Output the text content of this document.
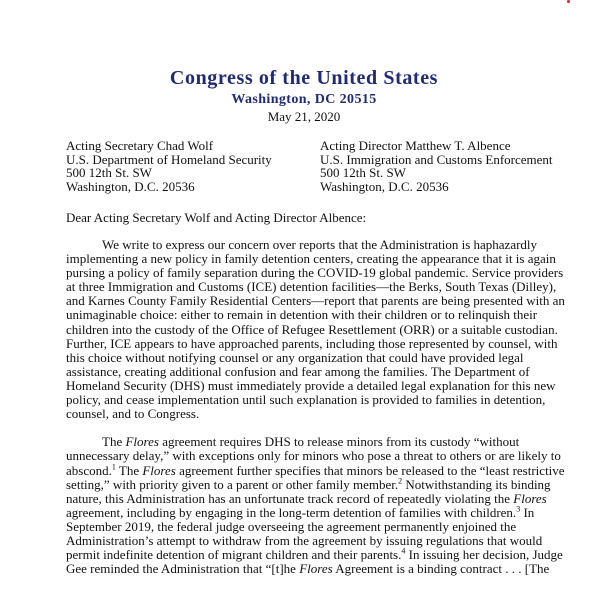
Congress of the United States
Washington, DC 20515
May 21, 2020
Acting Secretary Chad Wolf
U.S. Department of Homeland Security
500 12th St. SW
Washington, D.C. 20536
Acting Director Matthew T. Albence
U.S. Immigration and Customs Enforcement
500 12th St. SW
Washington, D.C. 20536
Dear Acting Secretary Wolf and Acting Director Albence:
We write to express our concern over reports that the Administration is haphazardly
implementing a new policy in family detention centers, creating the appearance that it is again
pursing a policy of family separation during the COVID-19 global pandemic. Service providers
at three Immigration and Customs (ICE) detention facilities—the Berks, South Texas (Dilley),
and Karnes County Family Residential Centers—report that parents are being presented with an
unimaginable choice: either to remain in detention with their children or to relinquish their
children into the custody of the Office of Refugee Resettlement (ORR) or a suitable custodian.
Further, ICE appears to have approached parents, including those represented by counsel, with
this choice without notifying counsel or any organization that could have provided legal
assistance, creating additional confusion and fear among the families. The Department of
Homeland Security (DHS) must immediately provide a detailed legal explanation for this new
policy, and cease implementation until such explanation is provided to families in detention,
counsel, and to Congress.
The Flores agreement requires DHS to release minors from its custody “without
unnecessary delay,” with exceptions only for minors who pose a threat to others or are likely to
abscond.$^1$ The Flores agreement further specifies that minors be released to the “least restrictive
setting,” with priority given to a parent or other family member.$^2$ Notwithstanding its binding
nature, this Administration has an unfortunate track record of repeatedly violating the Flores
agreement, including by engaging in the long-term detention of families with children.$^3$ In
September 2019, the federal judge overseeing the agreement permanently enjoined the
Administration’s attempt to withdraw from the agreement by issuing regulations that would
permit indefinite detention of migrant children and their parents.$^4$ In issuing her decision, Judge
Gee reminded the Administration that “[t]he Flores Agreement is a binding contract . . . [The
